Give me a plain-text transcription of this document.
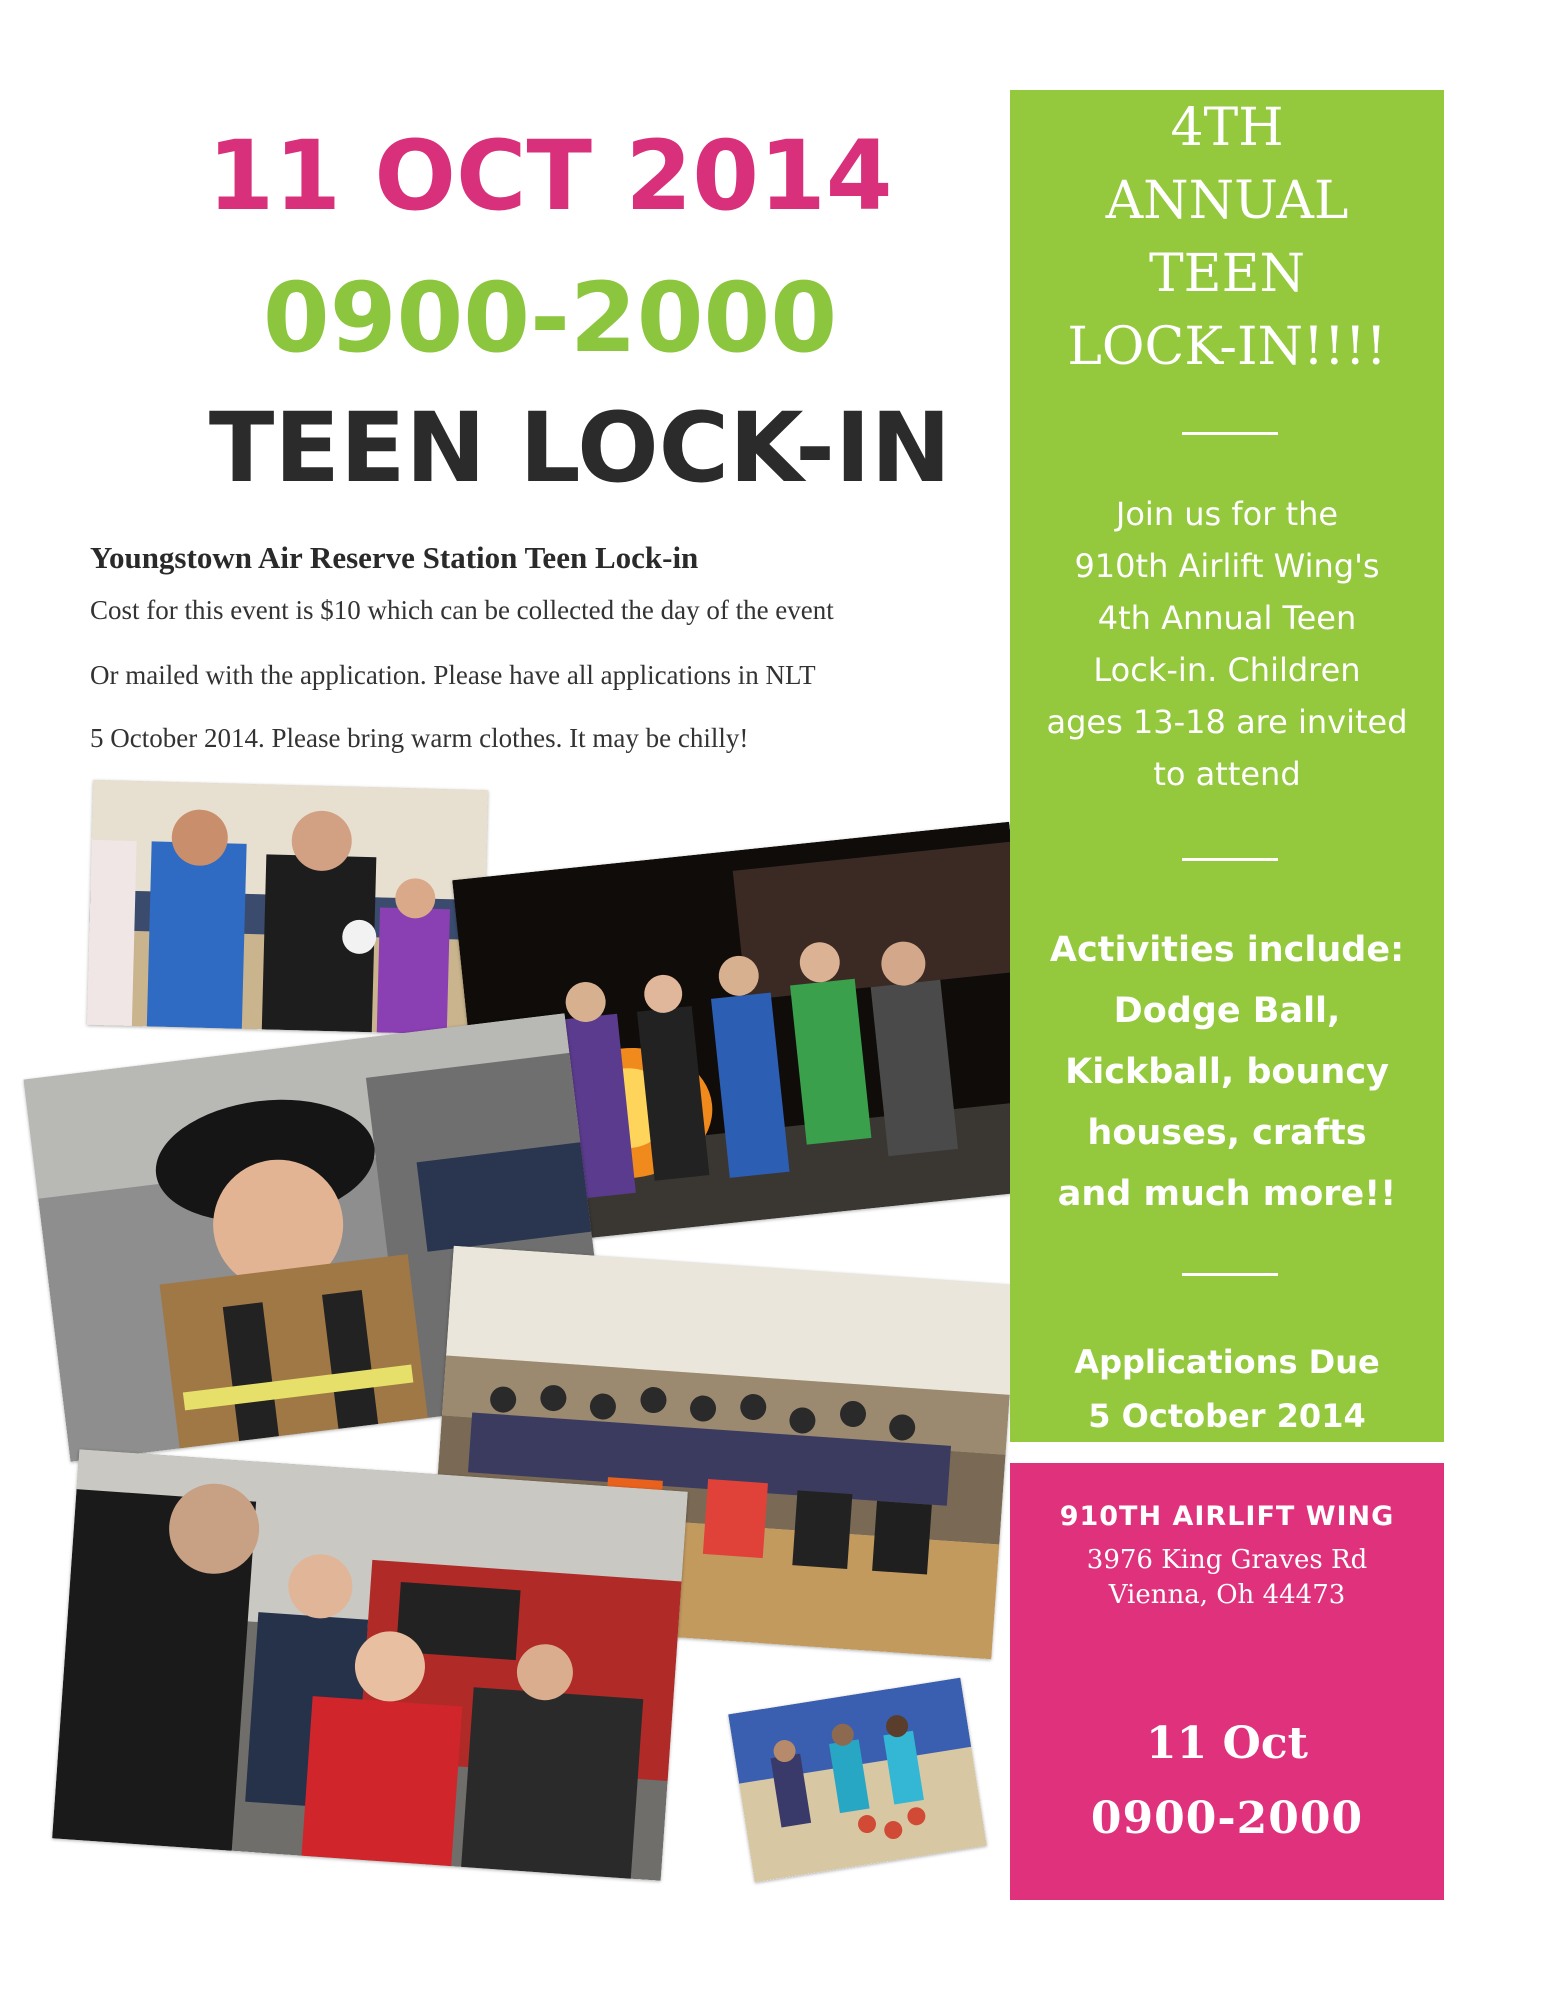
11 OCT 2014
0900-2000
TEEN LOCK-IN
Youngstown Air Reserve Station Teen Lock-in
Cost for this event is $10 which can be collected the day of the event
Or mailed with the application. Please have all applications in NLT
5 October 2014. Please bring warm clothes. It may be chilly!
4TH
ANNUAL
TEEN
LOCK-IN!!!!
Join us for the
910th Airlift Wing's
4th Annual Teen
Lock-in. Children
ages 13-18 are invited
to attend
Activities include:
Dodge Ball,
Kickball, bouncy
houses, crafts
and much more!!
Applications Due
5 October 2014
910TH AIRLIFT WING
3976 King Graves Rd
Vienna, Oh 44473
11 Oct
0900-2000
